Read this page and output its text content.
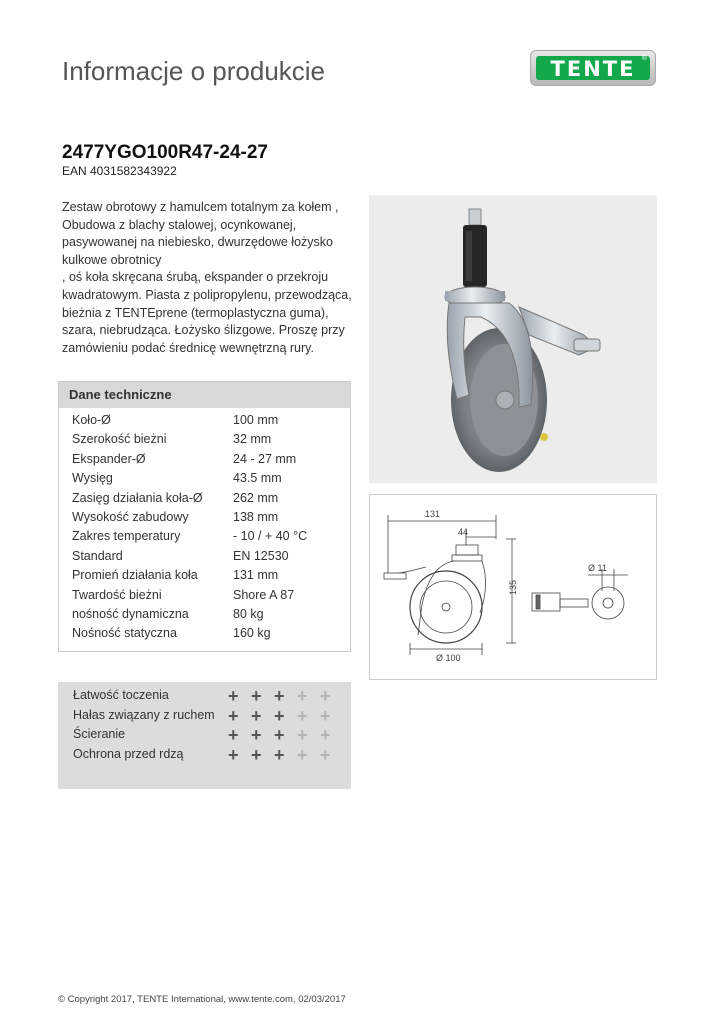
Informacje o produkcie	TENTE ®
2477YGO100R47-24-27
EAN 4031582343922
Zestaw obrotowy z hamulcem totalnym za kołem ,
Obudowa z blachy stalowej, ocynkowanej,
pasywowanej na niebiesko, dwurzędowe łożysko
kulkowe obrotnicy
, oś koła skręcana śrubą, ekspander o przekroju
kwadratowym. Piasta z polipropylenu, przewodząca,
bieżnia z TENTEprene (termoplastyczna guma),
szara, niebrudząca. Łożysko ślizgowe. Proszę przy
zamówieniu podać średnicę wewnętrzną rury.
131
44
135
Ø 100
Ø 11
Dane techniczne
Koło-Ø	100 mm
Szerokość bieżni	32 mm
Ekspander-Ø	24 - 27 mm
Wysięg	43.5 mm
Zasięg działania koła-Ø 262 mm
Wysokość zabudowy	138 mm
Zakres temperatury	- 10 / + 40 °C
Standard	EN 12530
Promień działania koła	131 mm
Twardość bieżni	Shore A 87
nośność dynamiczna	80 kg
Nośność statyczna	160 kg
Łatwość toczenia	+ + + + +
Hałas związany z ruchem + + + + +
Ścieranie	+ + + + +
Ochrona przed rdzą + + + + +
© Copyright 2017, TENTE International, www.tente.com, 02/03/2017
